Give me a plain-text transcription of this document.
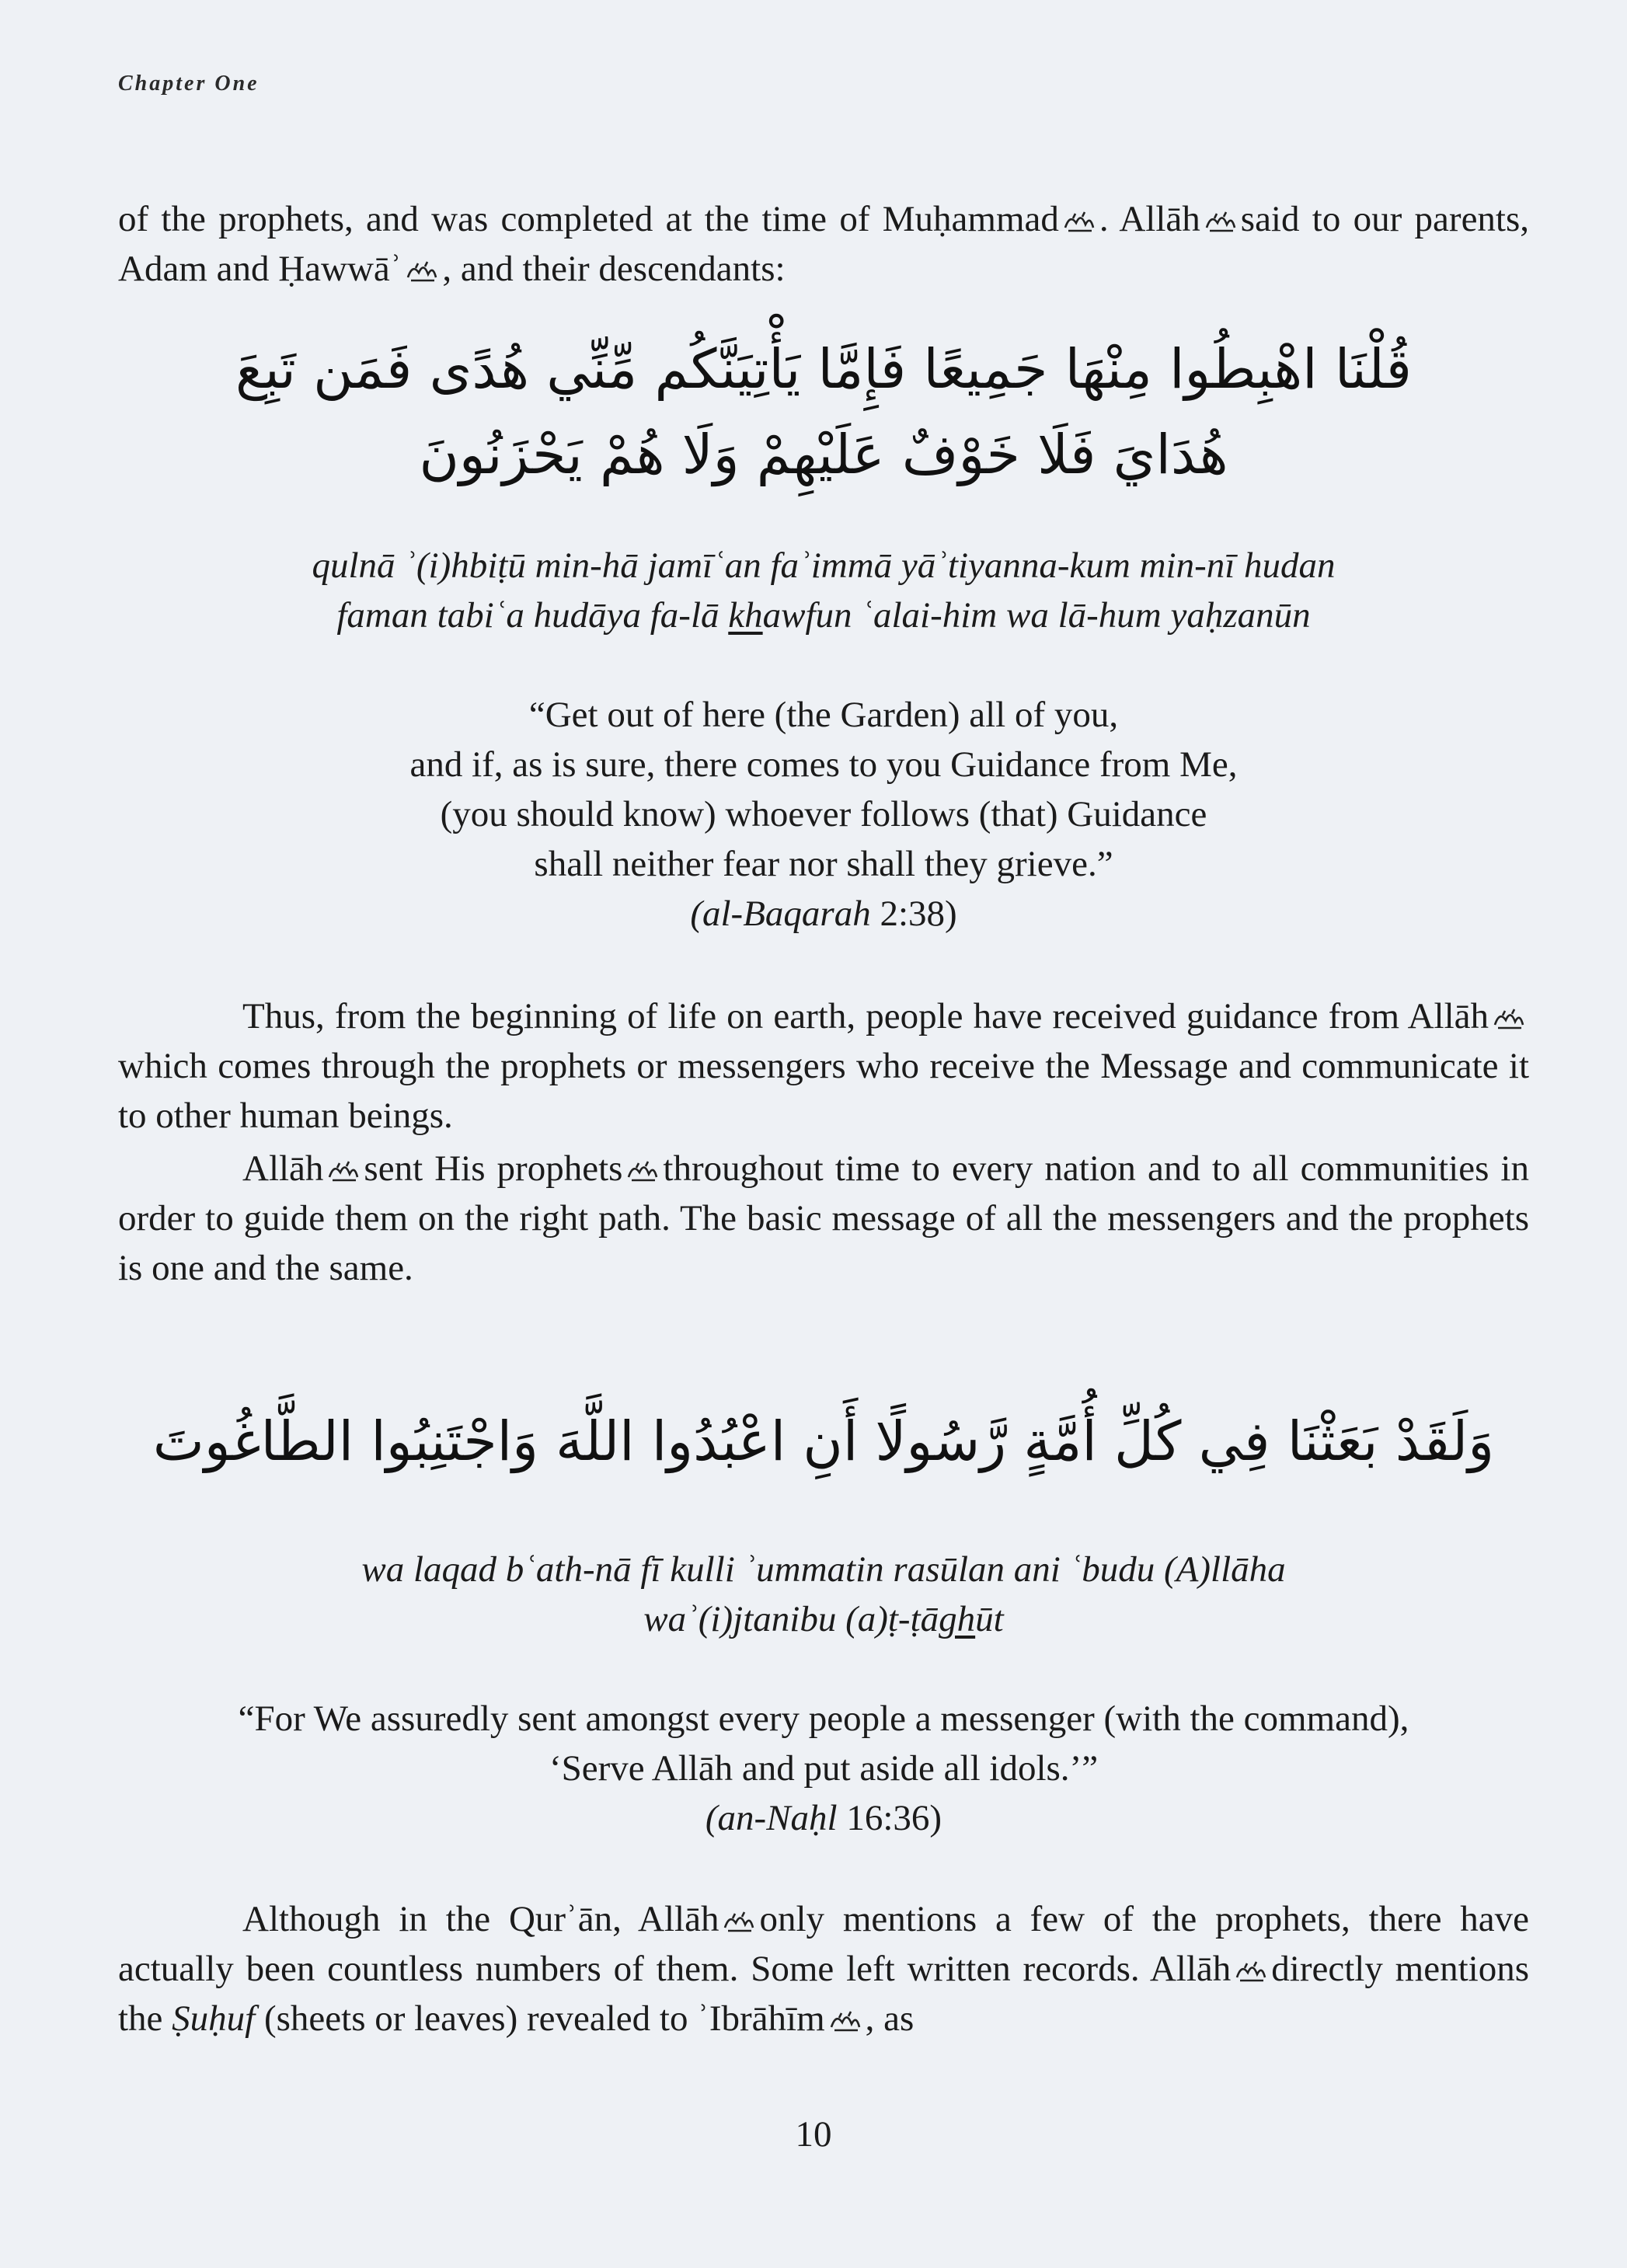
Chapter One

of the prophets, and was completed at the time of Muḥammad . Allāh said to our parents, Adam and Ḥawwāʾ , and their descendants:

قُلْنَا اهْبِطُوا مِنْهَا جَمِيعًا فَإِمَّا يَأْتِيَنَّكُم مِّنِّي هُدًى فَمَن تَبِعَ

هُدَايَ فَلَا خَوْفٌ عَلَيْهِمْ وَلَا هُمْ يَحْزَنُونَ

qulnā ʾ(i)hbiṭū min-hā jamīʿan faʾimmā yāʾtiyanna-kum min-nī hudan

faman tabiʿa hudāya fa-lā khawfun ʿalai-him wa lā-hum yaḥzanūn

“Get out of here (the Garden) all of you,

and if, as is sure, there comes to you Guidance from Me,

(you should know) whoever follows (that) Guidance

shall neither fear nor shall they grieve.”

(al-Baqarah 2:38)

Thus, from the beginning of life on earth, people have received guidance from Allāhwhich comes through the prophets or messengers who receive the Message and communicate it to other human beings.

Allāh sent His prophets throughout time to every nation and to all communities in order to guide them on the right path. The basic message of all the messengers and the prophets is one and the same.

وَلَقَدْ بَعَثْنَا فِي كُلِّ أُمَّةٍ رَّسُولًا أَنِ اعْبُدُوا اللَّهَ وَاجْتَنِبُوا الطَّاغُوتَ

wa laqad bʿath-nā fī kulli ʾummatin rasūlan ani ʿbudu (A)llāha

waʾ(i)jtanibu (a)ṭ-ṭāghūt

“For We assuredly sent amongst every people a messenger (with the command),

‘Serve Allāh and put aside all idols.’”

(an-Naḥl 16:36)

Although in the Qurʾān, Allāh only mentions a few of the prophets, there have actually been countless numbers of them. Some left written records. Allāh directly mentions the Ṣuḥuf (sheets or leaves) revealed to ʾIbrāhīm , as

10
